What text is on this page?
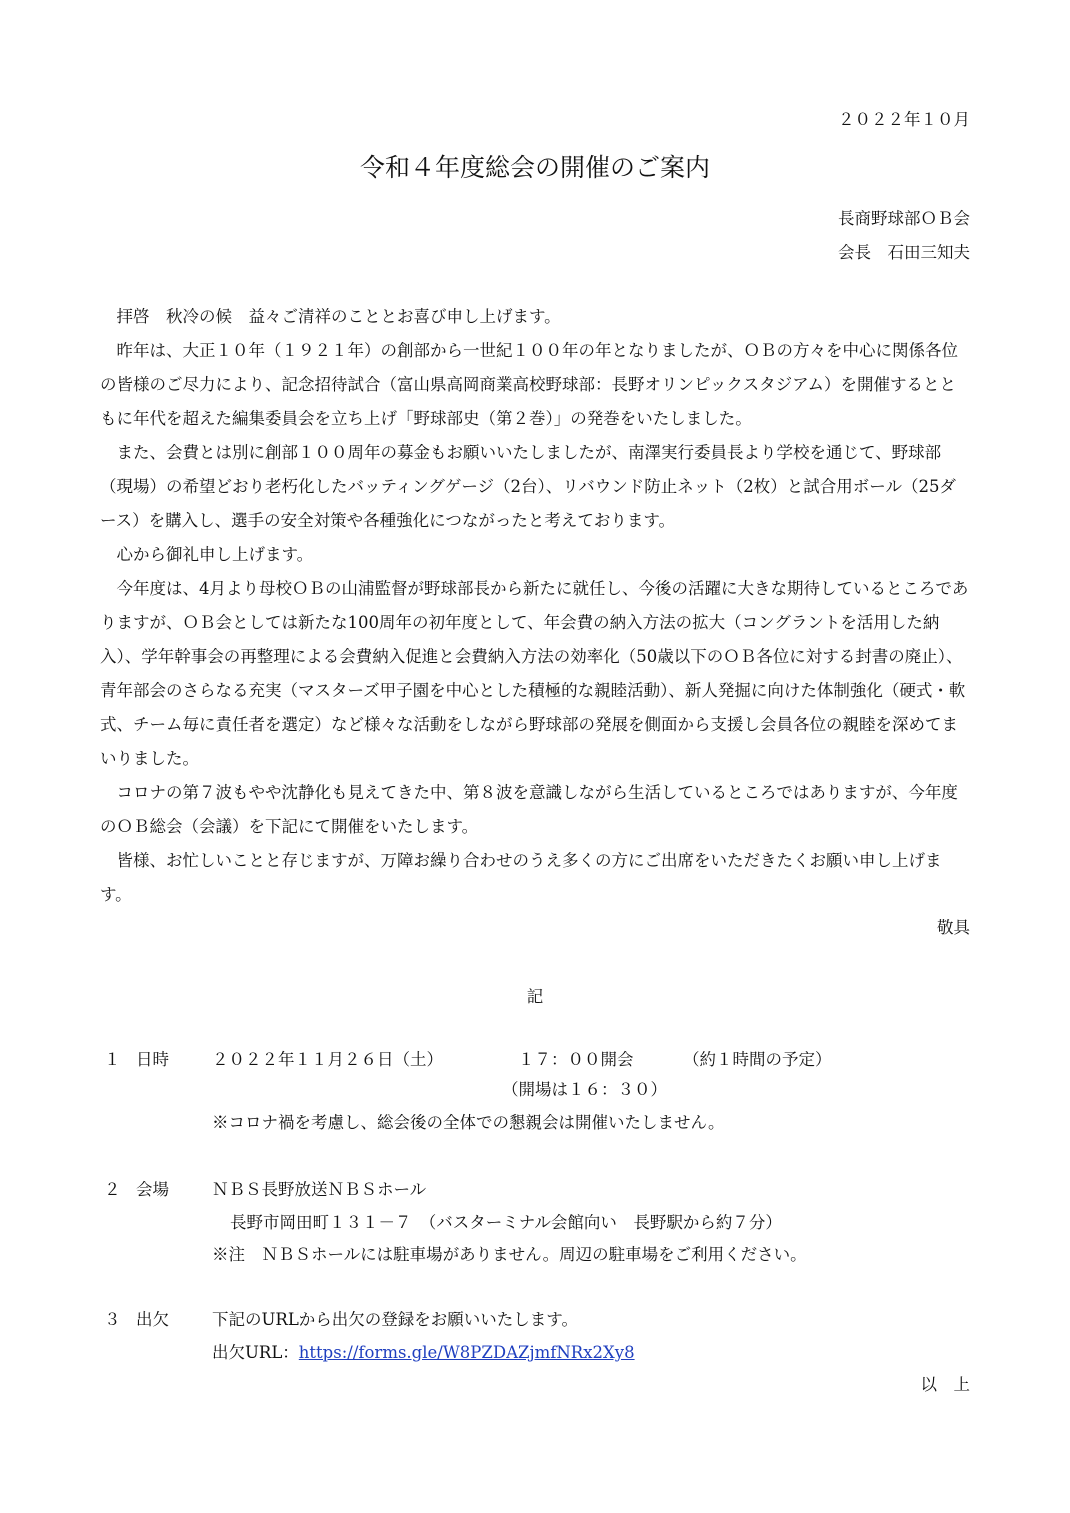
２０２２年１０月
令和４年度総会の開催のご案内
長商野球部ＯＢ会
会長　石田三知夫

拝啓　秋冷の候　益々ご清祥のこととお喜び申し上げます。

昨年は、大正１０年（１９２１年）の創部から一世紀１００年の年となりましたが、ＯＢの方々を中心に関係各位の皆様のご尽力により、記念招待試合（富山県高岡商業高校野球部：長野オリンピックスタジアム）を開催するとともに年代を超えた編集委員会を立ち上げ「野球部史（第２巻）」の発巻をいたしました。

また、会費とは別に創部１００周年の募金もお願いいたしましたが、南澤実行委員長より学校を通じて、野球部（現場）の希望どおり老朽化したバッティングゲージ（2台）、リバウンド防止ネット（2枚）と試合用ボール（25ダース）を購入し、選手の安全対策や各種強化につながったと考えております。

心から御礼申し上げます。

今年度は、4月より母校ＯＢの山浦監督が野球部長から新たに就任し、今後の活躍に大きな期待しているところでありますが、ＯＢ会としては新たな100周年の初年度として、年会費の納入方法の拡大（コングラントを活用した納入）、学年幹事会の再整理による会費納入促進と会費納入方法の効率化（50歳以下のＯＢ各位に対する封書の廃止）、青年部会のさらなる充実（マスターズ甲子園を中心とした積極的な親睦活動）、新人発掘に向けた体制強化（硬式・軟式、チーム毎に責任者を選定）など様々な活動をしながら野球部の発展を側面から支援し会員各位の親睦を深めてまいりました。

コロナの第７波もやや沈静化も見えてきた中、第８波を意識しながら生活しているところではありますが、今年度のＯＢ総会（会議）を下記にて開催をいたします。

皆様、お忙しいことと存じますが、万障お繰り合わせのうえ多くの方にご出席をいただきたくお願い申し上げます。

敬具
記
１ 日時	２０２２年１１月２６日（土）	１７：００開会	（約１時間の予定）
（開場は１６：３０）
※コロナ禍を考慮し、総会後の全体での懇親会は開催いたしません。
２ 会場	ＮＢＳ長野放送ＮＢＳホール
長野市岡田町１３１－７　（バスターミナル会館向い　長野駅から約７分）
※注　ＮＢＳホールには駐車場がありません。周辺の駐車場をご利用ください。
３ 出欠	下記のURLから出欠の登録をお願いいたします。
出欠URL：https://forms.gle/W8PZDAZjmfNRx2Xy8
以　上
